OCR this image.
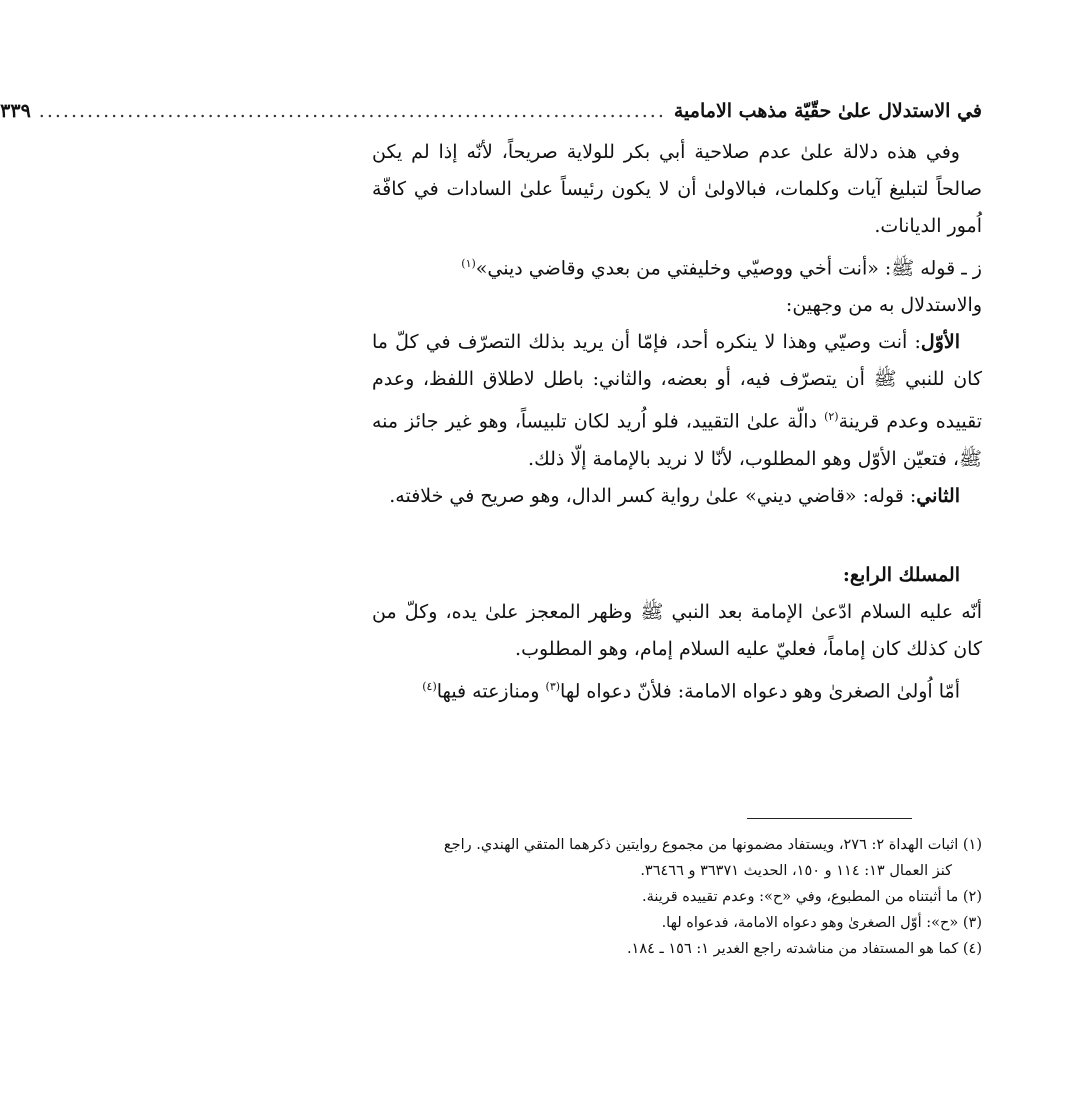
في الاستدلال علىٰ حقّيّة مذهب الامامية
..............................................................................
٣٣٩

وفي هذه دلالة علىٰ عدم صلاحية أبي بكر للولاية صريحاً، لأنّه إذا لم يكن صالحاً لتبليغ آيات وكلمات، فبالاولىٰ أن لا يكون رئيساً علىٰ السادات في كافّة اُمور الديانات.

ز ـ قوله ﷺ: «أنت أخي ووصيّي وخليفتي من بعدي وقاضي ديني»$^{(١)}$

والاستدلال به من وجهين:

الأوّل: أنت وصيّي وهذا لا ينكره أحد، فإمّا أن يريد بذلك التصرّف في كلّ ما كان للنبي ﷺ أن يتصرّف فيه، أو بعضه، والثاني: باطل لاطلاق اللفظ، وعدم تقييده وعدم قرينة$^{(٢)}$ دالّة علىٰ التقييد، فلو اُريد لكان تلبيساً، وهو غير جائز منه ﷺ، فتعيّن الأوّل وهو المطلوب، لأنّا لا نريد بالإمامة إلّا ذلك.

الثاني: قوله: «قاضي ديني» علىٰ رواية كسر الدال، وهو صريح في خلافته.

المسلك الرابع:

أنّه عليه السلام ادّعىٰ الإمامة بعد النبي ﷺ وظهر المعجز علىٰ يده، وكلّ من كان كذلك كان إماماً، فعليّ عليه السلام إمام، وهو المطلوب.

أمّا اُولىٰ الصغرىٰ وهو دعواه الامامة: فلأنّ دعواه لها$^{(٣)}$ ومنازعته فيها$^{(٤)}$

(١) اثبات الهداة ٢: ٢٧٦، ويستفاد مضمونها من مجموع روايتين ذكرهما المتقي الهندي. راجع

كنز العمال ١٣: ١١٤ و ١٥٠، الحديث ٣٦٣٧١ و ٣٦٤٦٦.

(٢) ما أثبتناه من المطبوع، وفي «ح»: وعدم تقييده قرينة.

(٣) «ح»: أوّل الصغرىٰ وهو دعواه الامامة، فدعواه لها.

(٤) كما هو المستفاد من مناشدته راجع الغدير ١: ١٥٦ ـ ١٨٤.
